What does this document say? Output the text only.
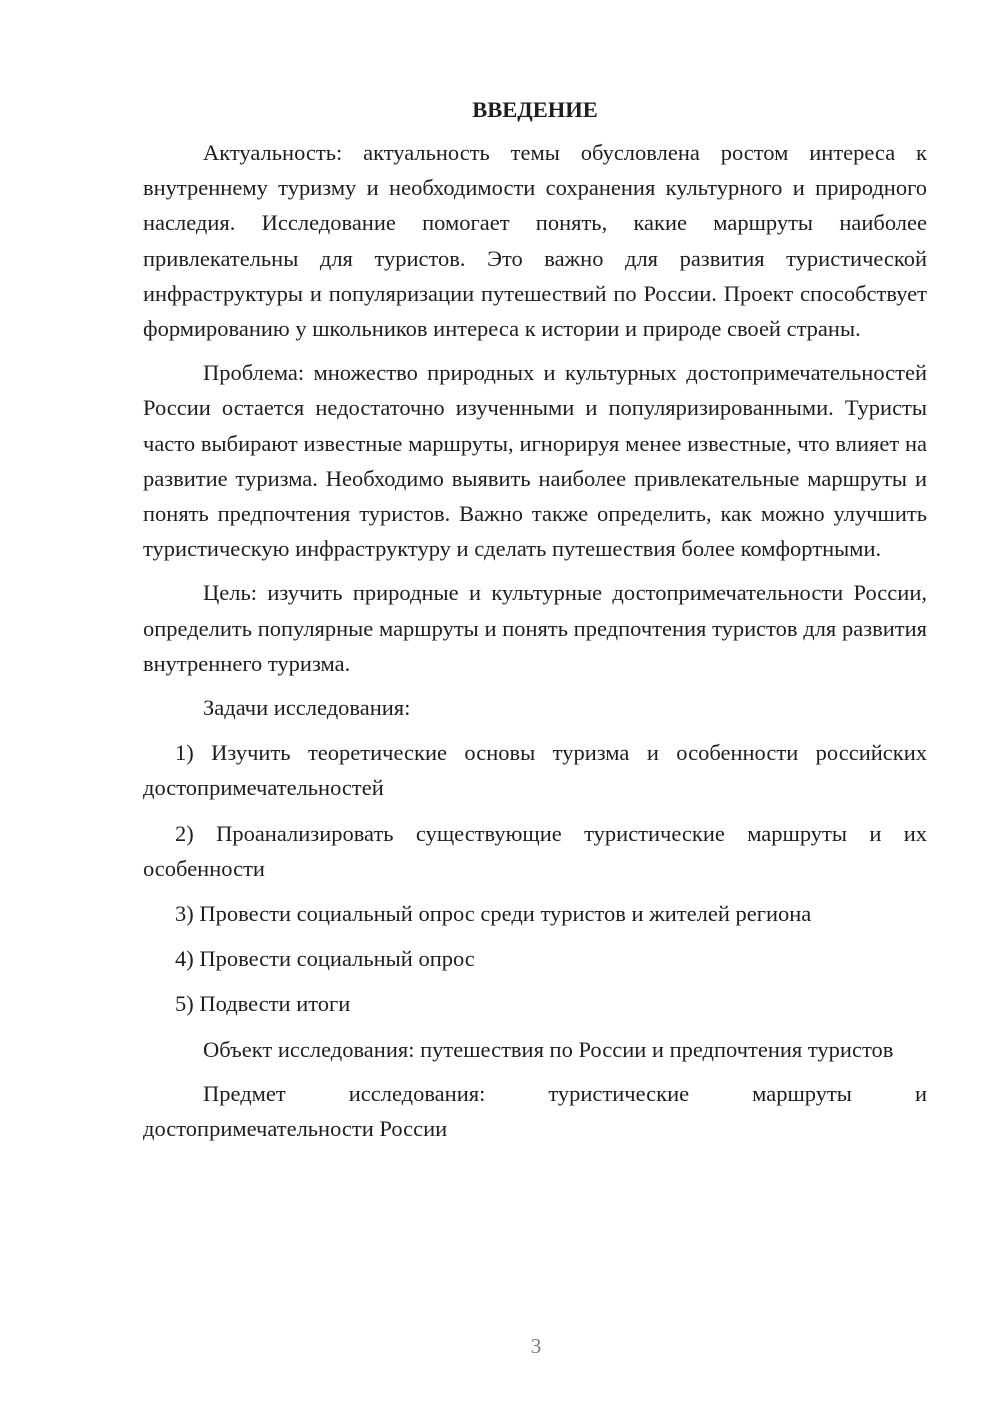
ВВЕДЕНИЕ

Актуальность: актуальность темы обусловлена ростом интереса к внутреннему туризму и необходимости сохранения культурного и природного наследия. Исследование помогает понять, какие маршруты наиболее привлекательны для туристов. Это важно для развития туристической инфраструктуры и популяризации путешествий по России. Проект способствует формированию у школьников интереса к истории и природе своей страны.

Проблема: множество природных и культурных достопримечательностей России остается недостаточно изученными и популяризированными. Туристы часто выбирают известные маршруты, игнорируя менее известные, что влияет на развитие туризма. Необходимо выявить наиболее привлекательные маршруты и понять предпочтения туристов. Важно также определить, как можно улучшить туристическую инфраструктуру и сделать путешествия более комфортными.

Цель: изучить природные и культурные достопримечательности России, определить популярные маршруты и понять предпочтения туристов для развития внутреннего туризма.

Задачи исследования:

1) Изучить теоретические основы туризма и особенности российских достопримечательностей

2) Проанализировать существующие туристические маршруты и их особенности

3) Провести социальный опрос среди туристов и жителей региона

4) Провести социальный опрос

5) Подвести итоги

Объект исследования: путешествия по России и предпочтения туристов

Предмет исследования: туристические маршруты и достопримечательности России

3
